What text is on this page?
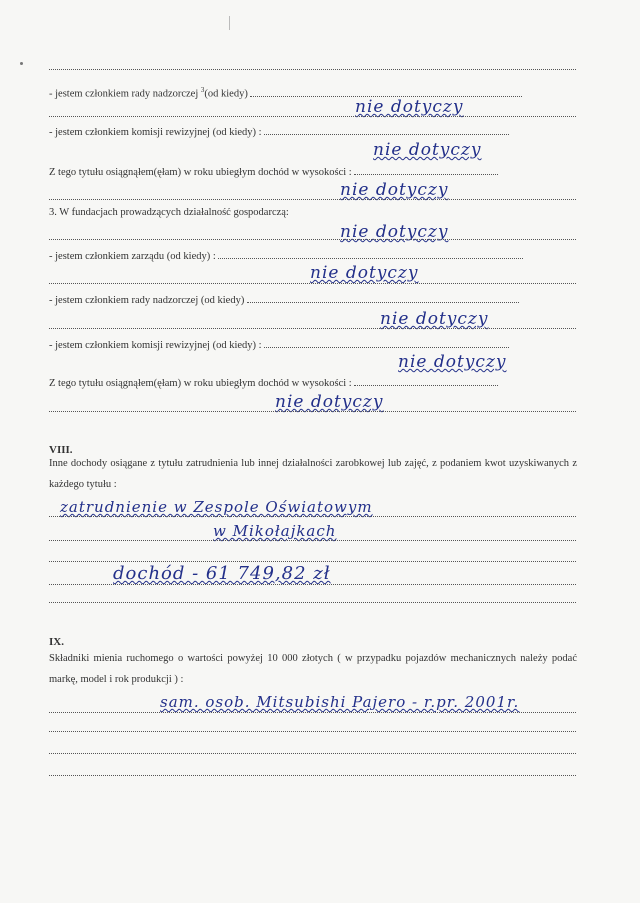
- jestem członkiem rady nadzorczej $^3$(od kiedy)
nie dotyczy
- jestem członkiem komisji rewizyjnej (od kiedy) :
nie dotyczy
Z tego tytułu osiągnąłem(ęłam) w roku ubiegłym dochód w wysokości :
nie dotyczy
3. W fundacjach prowadzących działalność gospodarczą:
nie dotyczy
- jestem członkiem zarządu (od kiedy) :
nie dotyczy
- jestem członkiem rady nadzorczej (od kiedy)
nie dotyczy
- jestem członkiem komisji rewizyjnej (od kiedy) :
nie dotyczy
Z tego tytułu osiągnąłem(ęłam) w roku ubiegłym dochód w wysokości :
nie dotyczy
VIII.
Inne dochody osiągane z tytułu zatrudnienia lub innej działalności zarobkowej lub zajęć, z podaniem kwot uzyskiwanych z każdego tytułu :
zatrudnienie w Zespole Oświatowym
w Mikołajkach
dochód - 61 749,82 zł
IX.
Składniki mienia ruchomego o wartości powyżej 10 000 złotych ( w przypadku pojazdów mechanicznych należy podać markę, model i rok produkcji ) :
sam. osob. Mitsubishi Pajero - r.pr. 2001r.
